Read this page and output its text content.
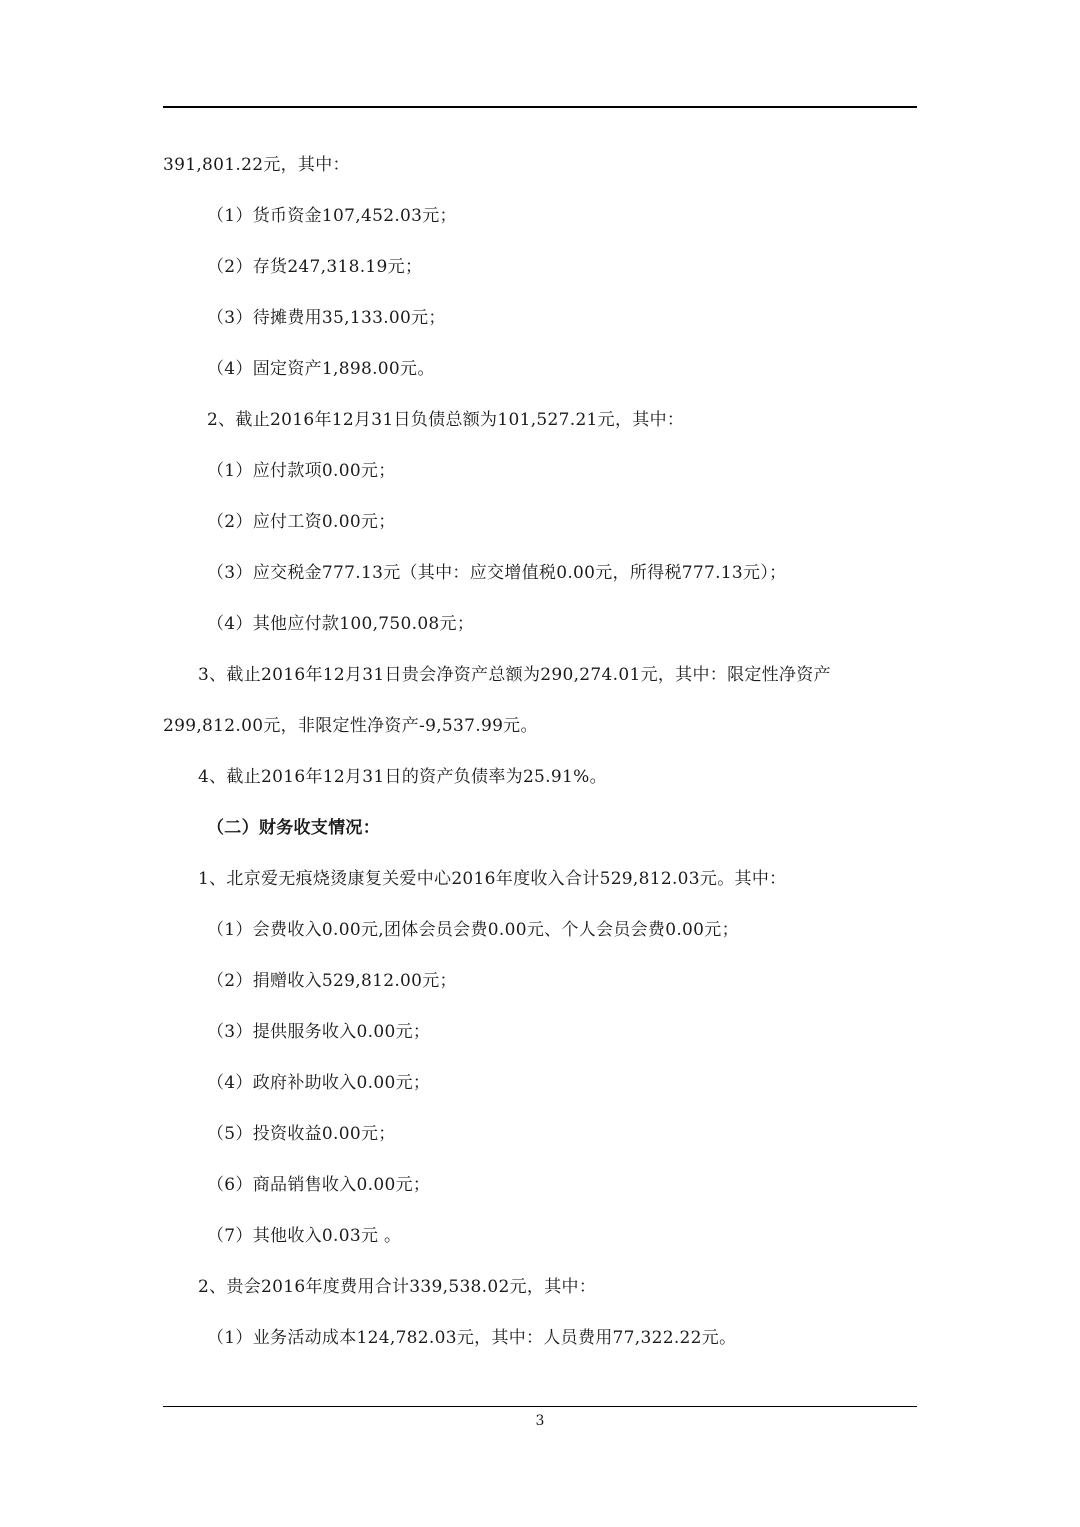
391,801.22元，其中：
（1）货币资金107,452.03元；
（2）存货247,318.19元；
（3）待摊费用35,133.00元；
（4）固定资产1,898.00元。
2、截止2016年12月31日负债总额为101,527.21元，其中：
（1）应付款项0.00元；
（2）应付工资0.00元；
（3）应交税金777.13元（其中：应交增值税0.00元，所得税777.13元）；
（4）其他应付款100,750.08元；
3、截止2016年12月31日贵会净资产总额为290,274.01元，其中：限定性净资产
299,812.00元，非限定性净资产-9,537.99元。
4、截止2016年12月31日的资产负债率为25.91%。
（二）财务收支情况：
1、北京爱无痕烧烫康复关爱中心2016年度收入合计529,812.03元。其中：
（1）会费收入0.00元,团体会员会费0.00元、个人会员会费0.00元；
（2）捐赠收入529,812.00元；
（3）提供服务收入0.00元；
（4）政府补助收入0.00元；
（5）投资收益0.00元；
（6）商品销售收入0.00元；
（7）其他收入0.03元 。
2、贵会2016年度费用合计339,538.02元，其中：
（1）业务活动成本124,782.03元，其中：人员费用77,322.22元。
3
